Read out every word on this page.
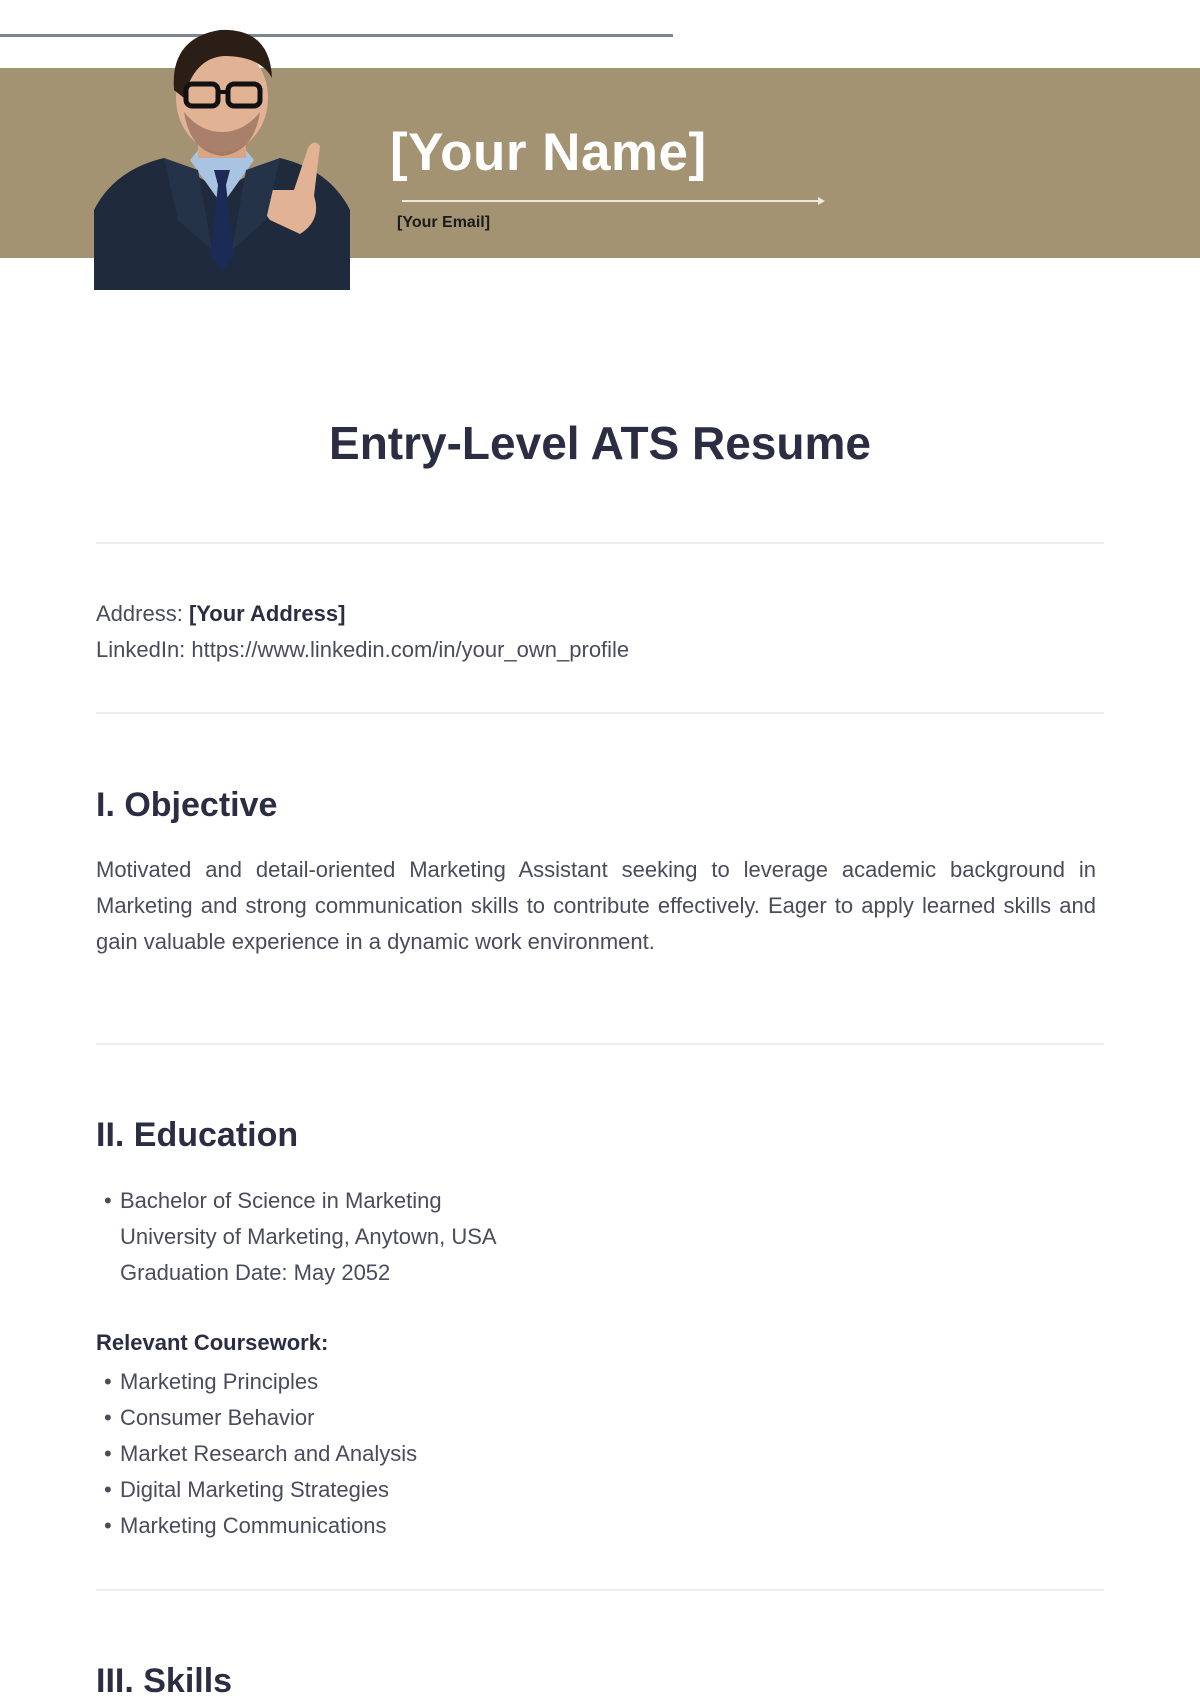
[Your Name]
[Your Email]
Entry-Level ATS Resume
Address: [Your Address]
LinkedIn: https://www.linkedin.com/in/your_own_profile
I. Objective

Motivated and detail-oriented Marketing Assistant seeking to leverage academic background in Marketing and strong communication skills to contribute effectively. Eager to apply learned skills and gain valuable experience in a dynamic work environment.

II. Education
• Bachelor of Science in Marketing
University of Marketing, Anytown, USA
Graduation Date: May 2052
Relevant Coursework:
• Marketing Principles
• Consumer Behavior
• Market Research and Analysis
• Digital Marketing Strategies
• Marketing Communications
III. Skills
